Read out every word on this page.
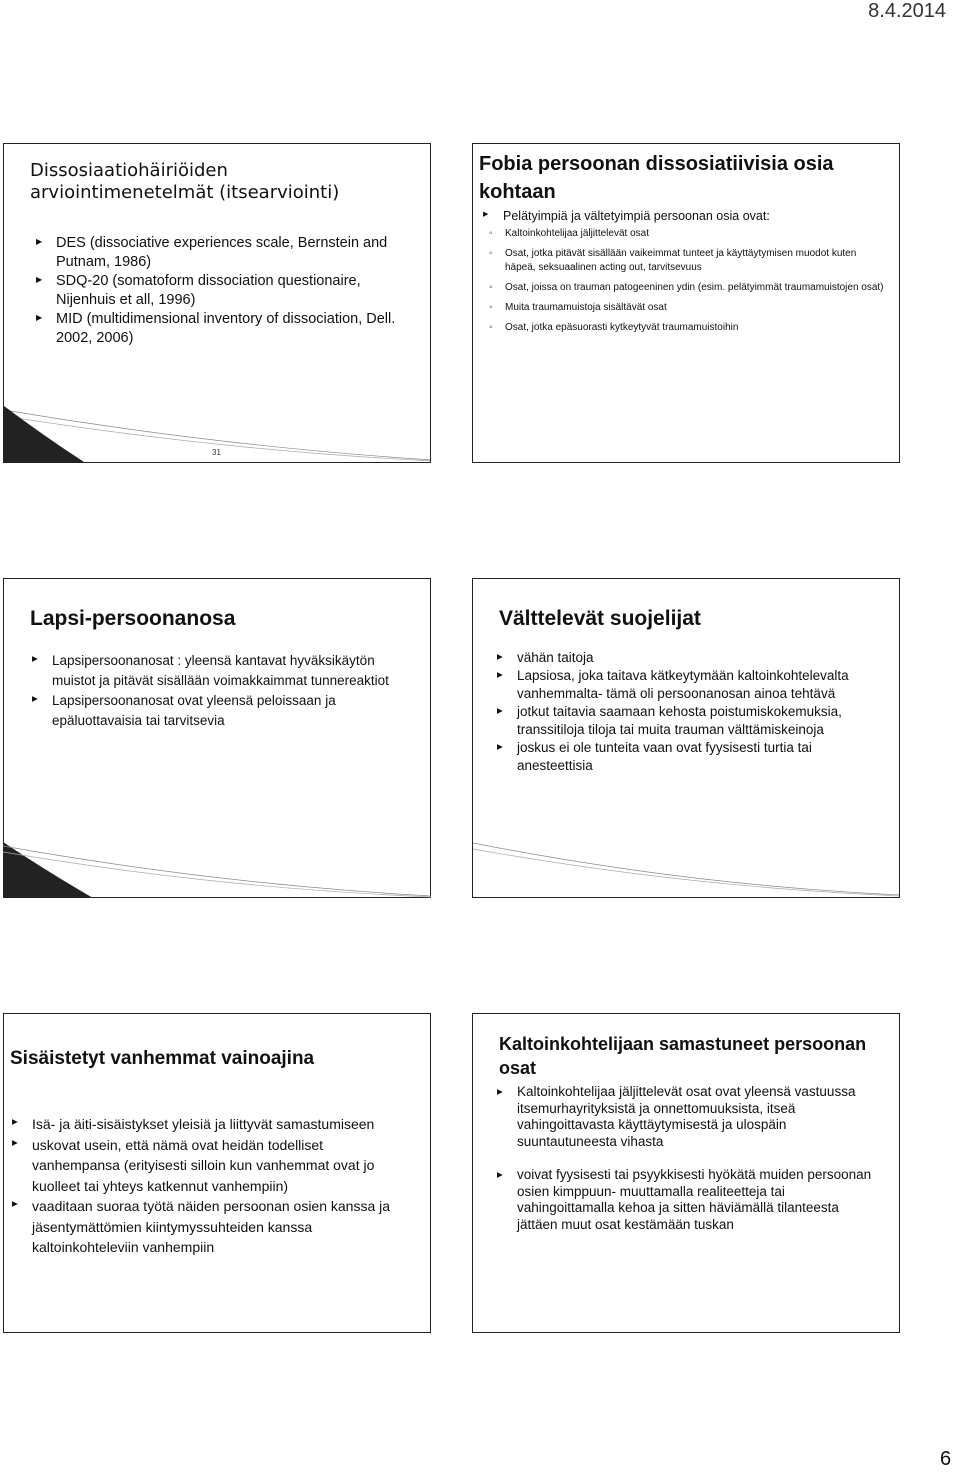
8.4.2014
Dissosiaatiohäiriöiden arviointimenetelmät (itsearviointi)
▶ DES (dissociative experiences scale, Bernstein and Putnam, 1986)
▶ SDQ-20 (somatoform dissociation questionaire, Nijenhuis et all, 1996)
▶ MID (multidimensional inventory of dissociation, Dell. 2002, 2006)
Fobia persoonan dissosiatiivisia osia kohtaan
▶ Pelätyimpiä ja vältetyimpiä persoonan osia ovat:
◦ Kaltoinkohtelijaa jäljittelevät osat
◦ Osat, jotka pitävät sisällään vaikeimmat tunteet ja käyttäytymisen muodot kuten häpeä, seksuaalinen acting out, tarvitsevuus
◦ Osat, joissa on trauman patogeeninen ydin (esim. pelätyimmät traumamuistojen osat)
◦ Muita traumamuistoja sisältävät osat
◦ Osat, jotka epäsuorasti kytkeytyvät traumamuistoihin
31
Lapsi-persoonanosa
▶ Lapsipersoonanosat : yleensä kantavat hyväksikäytön muistot ja pitävät sisällään voimakkaimmat tunnereaktiot
▶ Lapsipersoonanosat ovat yleensä peloissaan ja epäluottavaisia tai tarvitsevia
Välttelevät suojelijat
▶ vähän taitoja
▶ Lapsiosa, joka taitava kätkeytymään kaltoinkohtelevalta vanhemmalta- tämä oli persoonanosan ainoa tehtävä
▶ jotkut taitavia saamaan kehosta poistumiskokemuksia, transsitiloja tiloja tai muita trauman välttämiskeinoja
▶ joskus ei ole tunteita vaan ovat fyysisesti turtia tai anesteettisia
Sisäistetyt vanhemmat vainoajina
▶ Isä- ja äiti-sisäistykset yleisiä ja liittyvät samastumiseen
▶ uskovat usein, että nämä ovat heidän todelliset vanhempansa (erityisesti silloin kun vanhemmat ovat jo kuolleet tai yhteys katkennut vanhempiin)
▶ vaaditaan suoraa työtä näiden persoonan osien kanssa ja jäsentymättömien kiintymyssuhteiden kanssa kaltoinkohteleviin vanhempiin
Kaltoinkohtelijaan samastuneet persoonan osat
▶ Kaltoinkohtelijaa jäljittelevät osat ovat yleensä vastuussa itsemurhayrityksistä ja onnettomuuksista, itseä vahingoittavasta käyttäytymisestä ja ulospäin suuntautuneesta vihasta
▶ voivat fyysisesti tai psyykkisesti hyökätä muiden persoonan osien kimppuun- muuttamalla realiteetteja tai vahingoittamalla kehoa ja sitten häviämällä tilanteesta jättäen muut osat kestämään tuskan
6
